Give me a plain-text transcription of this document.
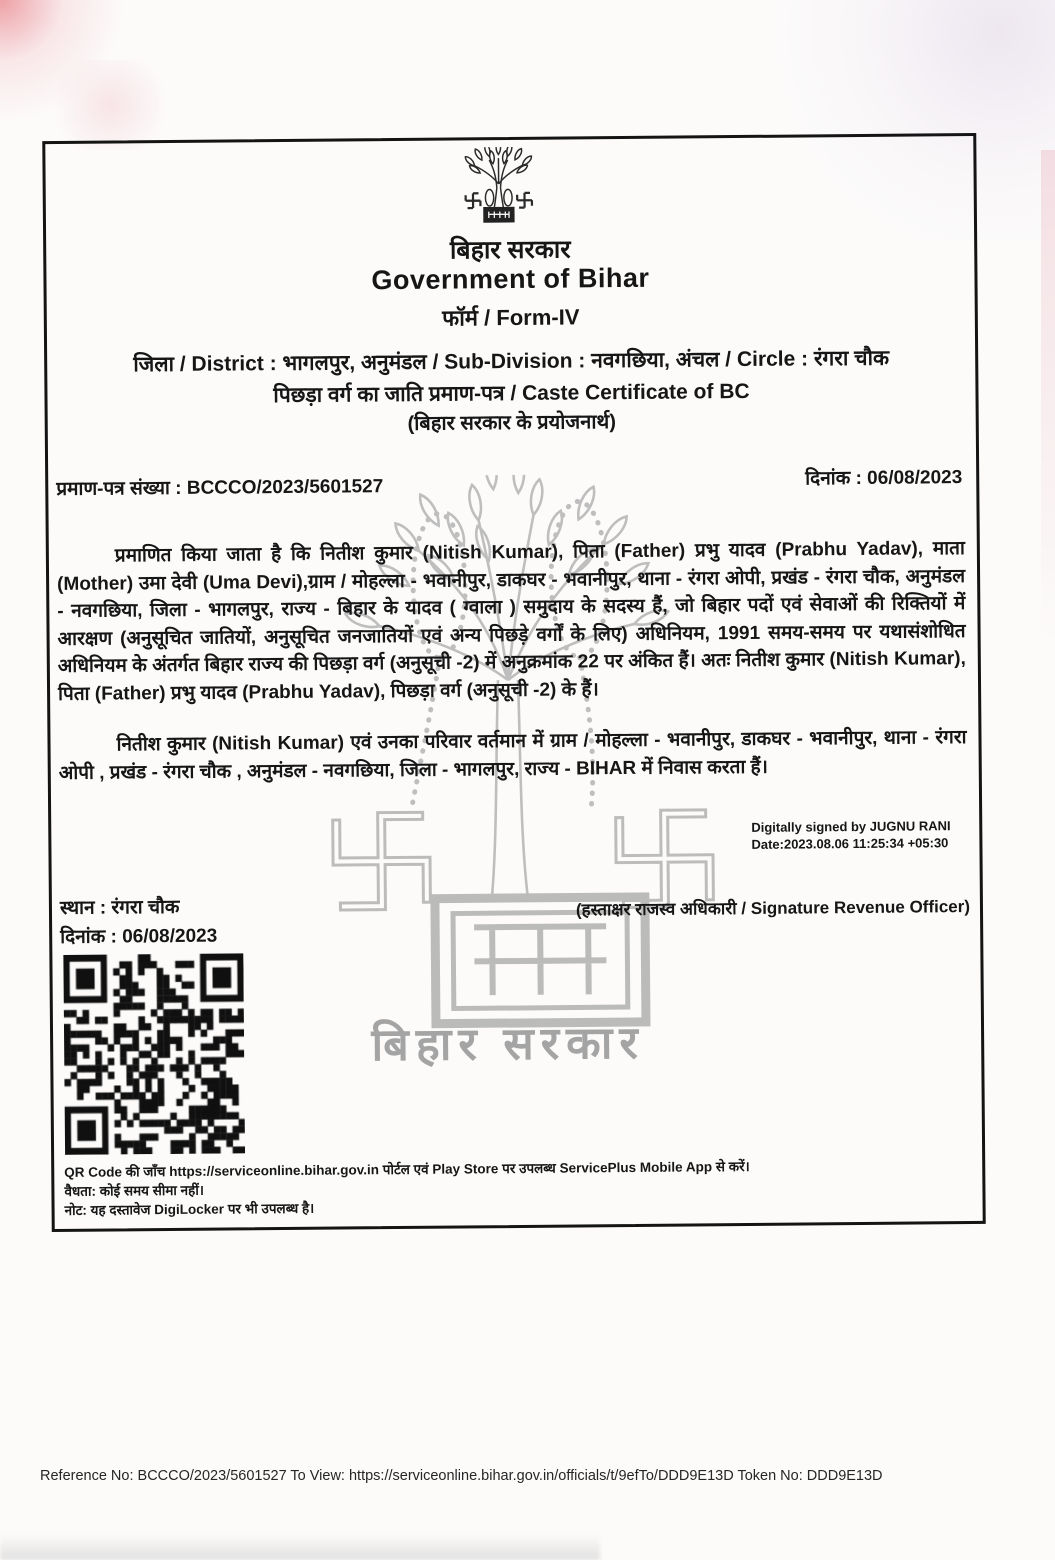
बिहार सरकार
Government of Bihar
फॉर्म / Form-IV
जिला / District : भागलपुर, अनुमंडल / Sub-Division : नवगछिया, अंचल / Circle : रंगरा चौक
पिछड़ा वर्ग का जाति प्रमाण-पत्र / Caste Certificate of BC
(बिहार सरकार के प्रयोजनार्थ)
प्रमाण-पत्र संख्या : BCCCO/2023/5601527	दिनांक : 06/08/2023
बिहार सरकार
प्रमाणित किया जाता है कि नितीश कुमार (Nitish Kumar), पिता (Father) प्रभु यादव (Prabhu Yadav), माता (Mother) उमा देवी (Uma Devi),ग्राम / मोहल्ला - भवानीपुर, डाकघर - भवानीपुर, थाना - रंगरा ओपी, प्रखंड - रंगरा चौक, अनुमंडल - नवगछिया, जिला - भागलपुर, राज्य - बिहार के यादव ( ग्वाला ) समुदाय के सदस्य हैं, जो बिहार पदों एवं सेवाओं की रिक्तियों में आरक्षण (अनुसूचित जातियों, अनुसूचित जनजातियों एवं अन्य पिछड़े वर्गों के लिए) अधिनियम, 1991 समय-समय पर यथासंशोधित अधिनियम के अंतर्गत बिहार राज्य की पिछड़ा वर्ग (अनुसूची -2) में अनुक्रमांक 22 पर अंकित हैं। अतः नितीश कुमार (Nitish Kumar), पिता (Father) प्रभु यादव (Prabhu Yadav), पिछड़ा वर्ग (अनुसूची -2) के हैं।
नितीश कुमार (Nitish Kumar) एवं उनका परिवार वर्तमान में ग्राम / मोहल्ला - भवानीपुर, डाकघर - भवानीपुर, थाना - रंगरा ओपी , प्रखंड - रंगरा चौक , अनुमंडल - नवगछिया, जिला - भागलपुर, राज्य - BIHAR में निवास करता हैं।
Digitally signed by JUGNU RANI
Date:2023.08.06 11:25:34 +05:30
(हस्ताक्षर राजस्व अधिकारी / Signature Revenue Officer)
स्थान : रंगरा चौक
दिनांक : 06/08/2023
QR Code की जाँच https://serviceonline.bihar.gov.in पोर्टल एवं Play Store पर उपलब्ध ServicePlus Mobile App से करें।
वैधता: कोई समय सीमा नहीं।
नोट: यह दस्तावेज DigiLocker पर भी उपलब्ध है।
Reference No: BCCCO/2023/5601527 To View: https://serviceonline.bihar.gov.in/officials/t/9efTo/DDD9E13D Token No: DDD9E13D
